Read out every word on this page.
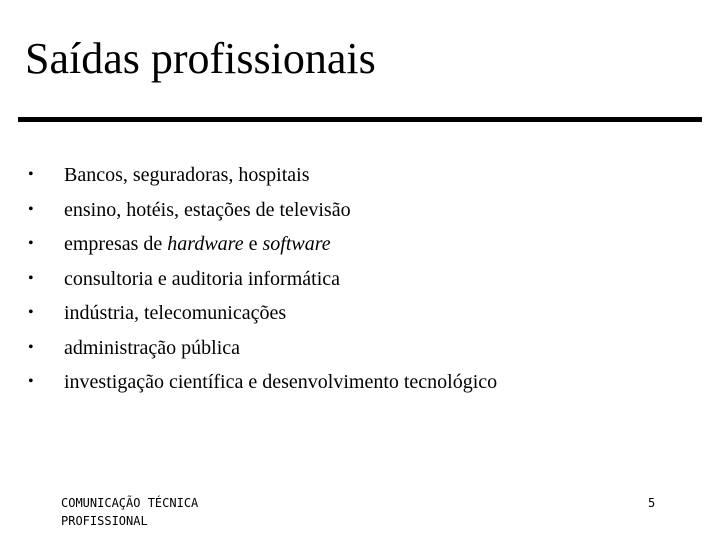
Saídas profissionais
•	Bancos, seguradoras, hospitais
•	ensino, hotéis, estações de televisão
•	empresas de hardware e software
•	consultoria e auditoria informática
•	indústria, telecomunicações
•	administração pública
•	investigação científica e desenvolvimento tecnológico
COMUNICAÇÃO TÉCNICA PROFISSIONAL
5
